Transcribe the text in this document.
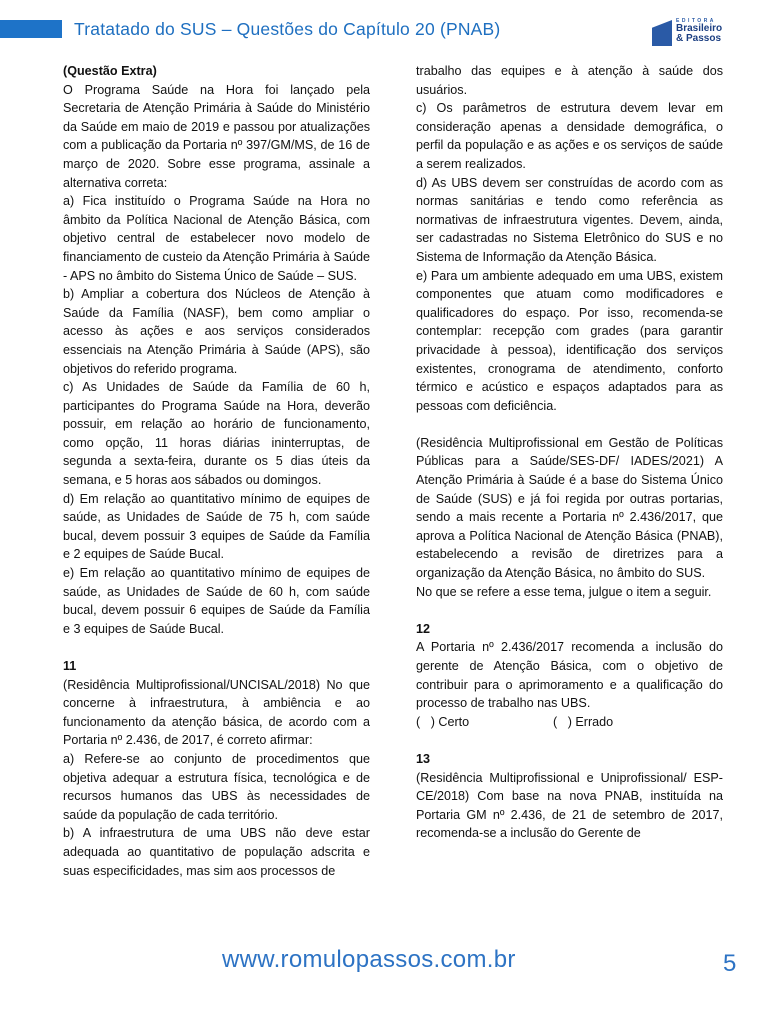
Tratatado do SUS – Questões do Capítulo 20 (PNAB)	EDITORA
Brasileiro
& Passos

(Questão Extra)

O Programa Saúde na Hora foi lançado pela Secretaria de Atenção Primária à Saúde do Ministério da Saúde em maio de 2019 e passou por atualizações com a publicação da Portaria nº 397/GM/MS, de 16 de março de 2020. Sobre esse programa, assinale a alternativa correta:

a) Fica instituído o Programa Saúde na Hora no âmbito da Política Nacional de Atenção Básica, com objetivo central de estabelecer novo modelo de financiamento de custeio da Atenção Primária à Saúde - APS no âmbito do Sistema Único de Saúde – SUS.

b) Ampliar a cobertura dos Núcleos de Atenção à Saúde da Família (NASF), bem como ampliar o acesso às ações e aos serviços considerados essenciais na Atenção Primária à Saúde (APS), são objetivos do referido programa.

c) As Unidades de Saúde da Família de 60 h, participantes do Programa Saúde na Hora, deverão possuir, em relação ao horário de funcionamento, como opção, 11 horas diárias ininterruptas, de segunda a sexta-feira, durante os 5 dias úteis da semana, e 5 horas aos sábados ou domingos.

d) Em relação ao quantitativo mínimo de equipes de saúde, as Unidades de Saúde de 75 h, com saúde bucal, devem possuir 3 equipes de Saúde da Família e 2 equipes de Saúde Bucal.

e) Em relação ao quantitativo mínimo de equipes de saúde, as Unidades de Saúde de 60 h, com saúde bucal, devem possuir 6 equipes de Saúde da Família e 3 equipes de Saúde Bucal.

11

(Residência Multiprofissional/UNCISAL/2018) No que concerne à infraestrutura, à ambiência e ao funcionamento da atenção básica, de acordo com a Portaria nº 2.436, de 2017, é correto afirmar:

a) Refere-se ao conjunto de procedimentos que objetiva adequar a estrutura física, tecnológica e de recursos humanos das UBS às necessidades de saúde da população de cada território.

b) A infraestrutura de uma UBS não deve estar adequada ao quantitativo de população adscrita e suas especificidades, mas sim aos processos de

trabalho das equipes e à atenção à saúde dos usuários.

c) Os parâmetros de estrutura devem levar em consideração apenas a densidade demográfica, o perfil da população e as ações e os serviços de saúde a serem realizados.

d) As UBS devem ser construídas de acordo com as normas sanitárias e tendo como referência as normativas de infraestrutura vigentes. Devem, ainda, ser cadastradas no Sistema Eletrônico do SUS e no Sistema de Informação da Atenção Básica.

e) Para um ambiente adequado em uma UBS, existem componentes que atuam como modificadores e qualificadores do espaço. Por isso, recomenda-se contemplar: recepção com grades (para garantir privacidade à pessoa), identificação dos serviços existentes, cronograma de atendimento, conforto térmico e acústico e espaços adaptados para as pessoas com deficiência.

(Residência Multiprofissional em Gestão de Políticas Públicas para a Saúde/SES-DF/ IADES/2021) A Atenção Primária à Saúde é a base do Sistema Único de Saúde (SUS) e já foi regida por outras portarias, sendo a mais recente a Portaria nº 2.436/2017, que aprova a Política Nacional de Atenção Básica (PNAB), estabelecendo a revisão de diretrizes para a organização da Atenção Básica, no âmbito do SUS.

No que se refere a esse tema, julgue o item a seguir.

12

A Portaria nº 2.436/2017 recomenda a inclusão do gerente de Atenção Básica, com o objetivo de contribuir para o aprimoramento e a qualificação do processo de trabalho nas UBS.

(   ) Certo	(   ) Errado

13

(Residência Multiprofissional e Uniprofissional/ ESP-CE/2018) Com base na nova PNAB, instituída na Portaria GM nº 2.436, de 21 de setembro de 2017, recomenda-se a inclusão do Gerente de

www.romulopassos.com.br	5
